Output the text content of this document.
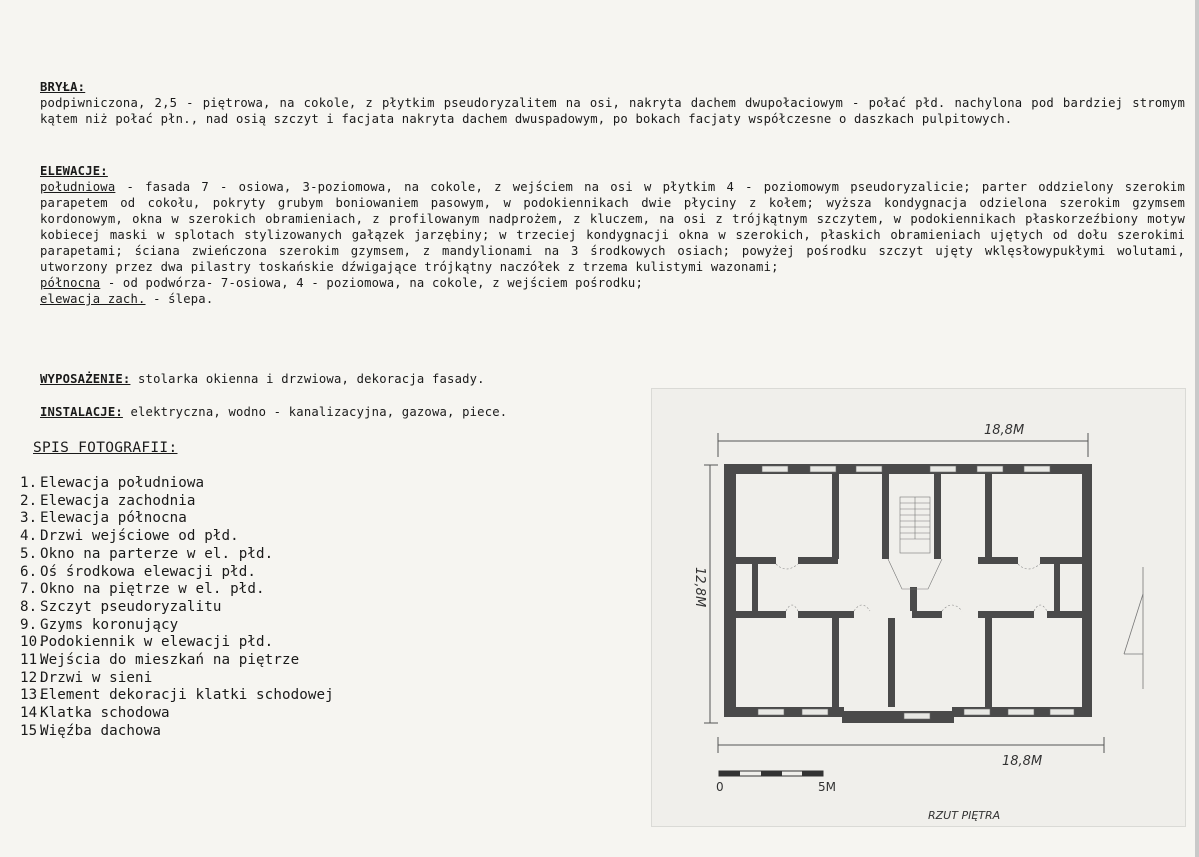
BRYŁA:
podpiwniczona, 2,5 - piętrowa, na cokole, z płytkim pseudoryzalitem na osi, nakryta dachem dwupołaciowym - połać płd. nachylona pod bardziej stromym kątem niż połać płn., nad osią szczyt i facjata nakryta dachem dwuspadowym, po bokach facjaty współczesne o daszkach pulpitowych.
ELEWACJE:
południowa - fasada 7 - osiowa, 3-poziomowa, na cokole, z wejściem na osi w płytkim 4 - poziomowym pseudoryzalicie; parter oddzielony szerokim parapetem od cokołu, pokryty grubym boniowaniem pasowym, w podokiennikach dwie płyciny z kołem; wyższa kondygnacja odzielona szerokim gzymsem kordonowym, okna w szerokich obramieniach, z profilowanym nadprożem, z kluczem, na osi z trójkątnym szczytem, w podokiennikach płaskorzeźbiony motyw kobiecej maski w splotach stylizowanych gałązek jarzębiny; w trzeciej kondygnacji okna w szerokich, płaskich obramieniach ujętych od dołu szerokimi parapetami; ściana zwieńczona szerokim gzymsem, z mandylionami na 3 środkowych osiach; powyżej pośrodku szczyt ujęty wklęsłowypukłymi wolutami, utworzony przez dwa pilastry toskańskie dźwigające trójkątny naczółek z trzema kulistymi wazonami;
północna - od podwórza- 7-osiowa, 4 - poziomowa, na cokole, z wejściem pośrodku;
elewacja zach. - ślepa.
WYPOSAŻENIE: stolarka okienna i drzwiowa, dekoracja fasady.
INSTALACJE: elektryczna, wodno - kanalizacyjna, gazowa, piece.
SPIS FOTOGRAFII:
1. Elewacja południowa
2. Elewacja zachodnia
3. Elewacja północna
4. Drzwi wejściowe od płd.
5. Okno na parterze w el. płd.
6. Oś środkowa elewacji płd.
7. Okno na piętrze w el. płd.
8. Szczyt pseudoryzalitu
9. Gzyms koronujący
10.Podokiennik w elewacji płd.
11.Wejścia do mieszkań na piętrze
12.Drzwi w sieni
13.Element dekoracji klatki schodowej
14.Klatka schodowa
15.Więźba dachowa
18,8M
12,8M
18,8M
0	5M
RZUT PIĘTRA
